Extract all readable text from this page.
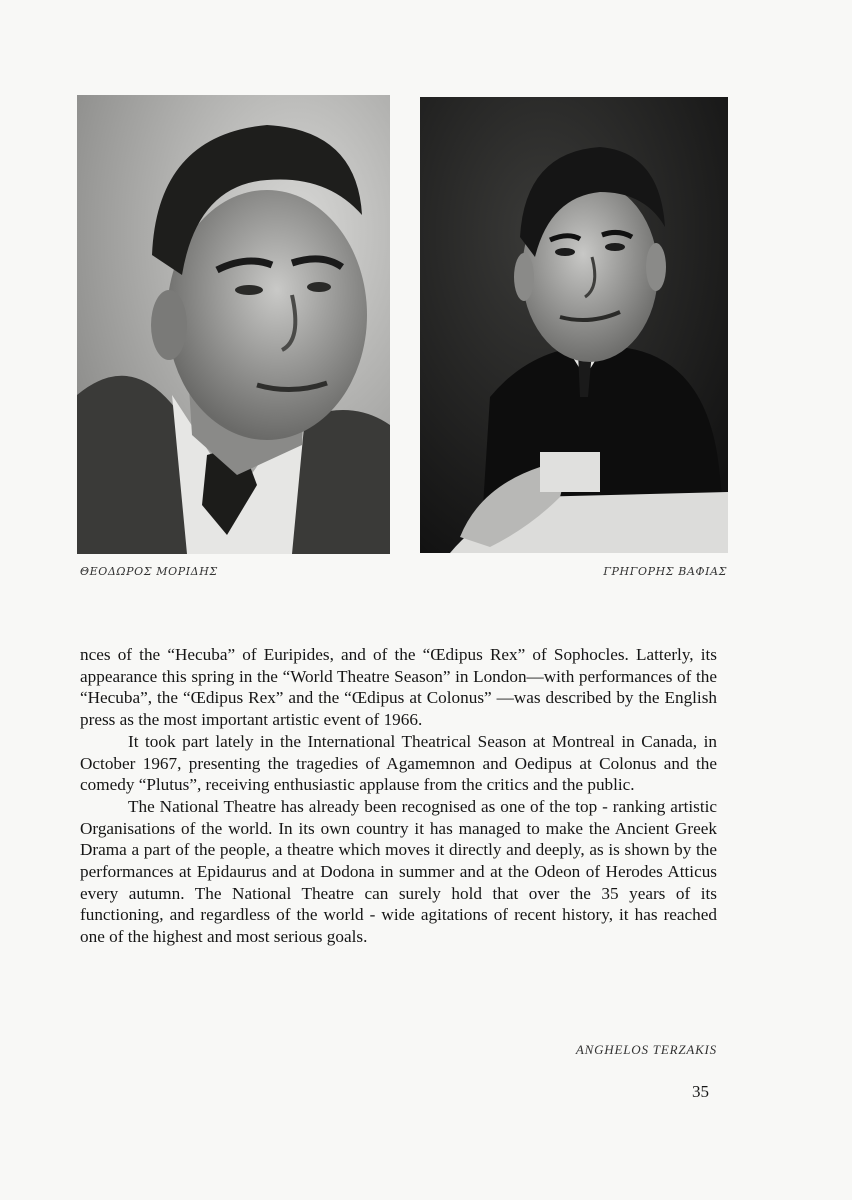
ΘΕΟΔΩΡΟΣ ΜΟΡΙΔΗΣ	ΓΡΗΓΟΡΗΣ ΒΑΦΙΑΣ

nces of the “Hecuba” of Euripides, and of the “Œdipus Rex” of Sophocles. Latterly, its appearance this spring in the “World Theatre Season” in London—with performances of the “Hecuba”, the “Œdipus Rex” and the “Œdipus at Colonus” —was described by the English press as the most important artistic event of 1966.

It took part lately in the International Theatrical Season at Montreal in Canada, in October 1967, presenting the tragedies of Agamemnon and Oedipus at Colonus and the comedy “Plutus”, receiving enthusiastic applause from the critics and the public.

The National Theatre has already been recognised as one of the top - ranking artistic Organisations of the world. In its own country it has managed to make the Ancient Greek Drama a part of the people, a theatre which moves it directly and deeply, as is shown by the performances at Epidaurus and at Dodona in summer and at the Odeon of Herodes Atticus every autumn. The National Theatre can surely hold that over the 35 years of its functioning, and regardless of the world - wide agitations of recent history, it has reached one of the highest and most serious goals.

ANGHELOS TERZAKIS
35
